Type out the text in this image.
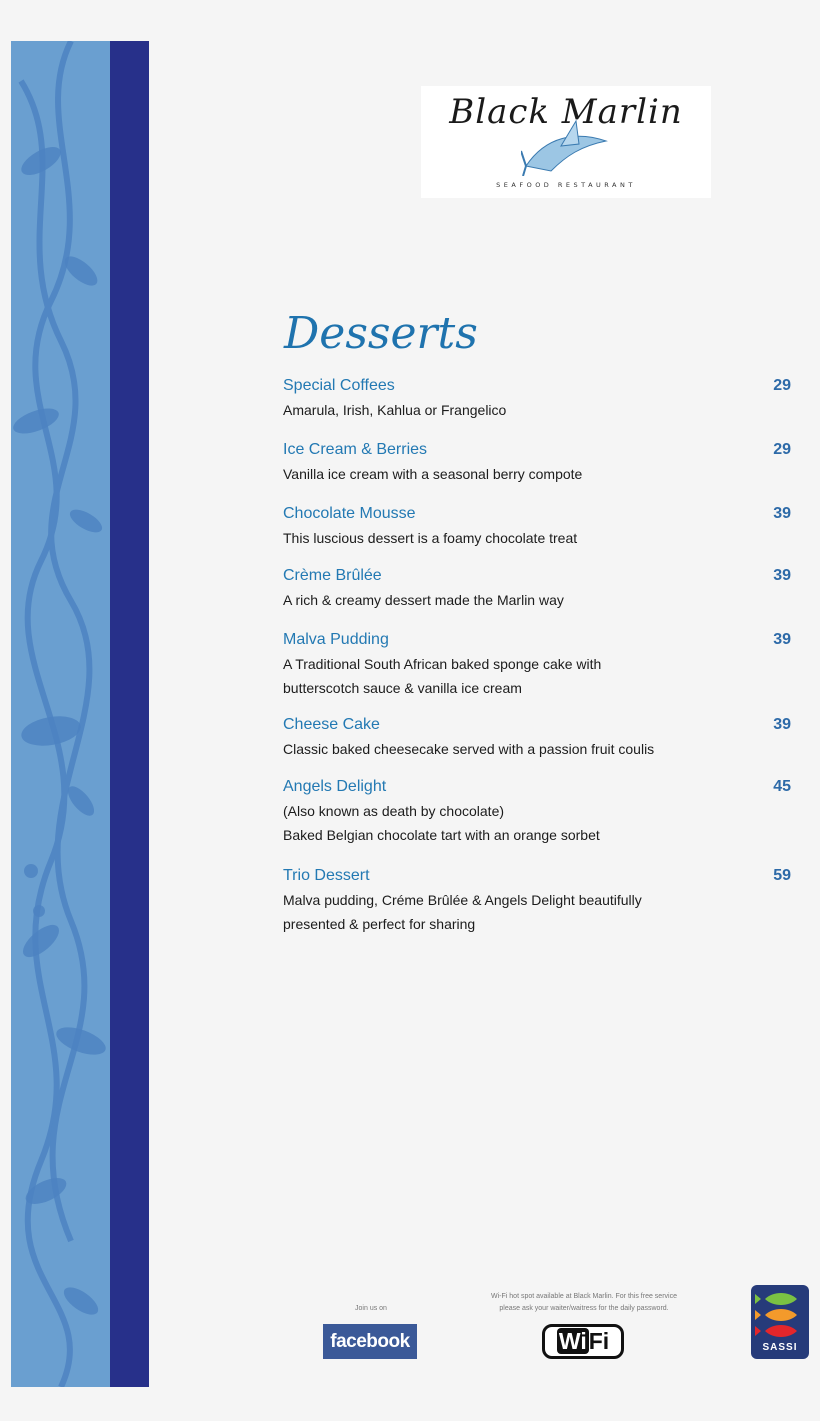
Black Marlin
SEAFOOD RESTAURANT
Desserts
Special Coffees	29
Amarula, Irish, Kahlua or Frangelico
Ice Cream & Berries	29
Vanilla ice cream with a seasonal berry compote
Chocolate Mousse	39
This luscious dessert is a foamy chocolate treat
Crème Brûlée	39
A rich & creamy dessert made the Marlin way
Malva Pudding	39
A Traditional South African baked sponge cake with
butterscotch sauce & vanilla ice cream
Cheese Cake	39
Classic baked cheesecake served with a passion fruit coulis
Angels Delight	45
(Also known as death by chocolate)
Baked Belgian chocolate tart with an orange sorbet
Trio Dessert	59
Malva pudding, Créme Brûlée & Angels Delight beautifully
presented & perfect for sharing
Join us on
facebook
Wi-Fi hot spot available at Black Marlin. For this free service
please ask your waiter/waitress for the daily password.
WiFi	SASSI
